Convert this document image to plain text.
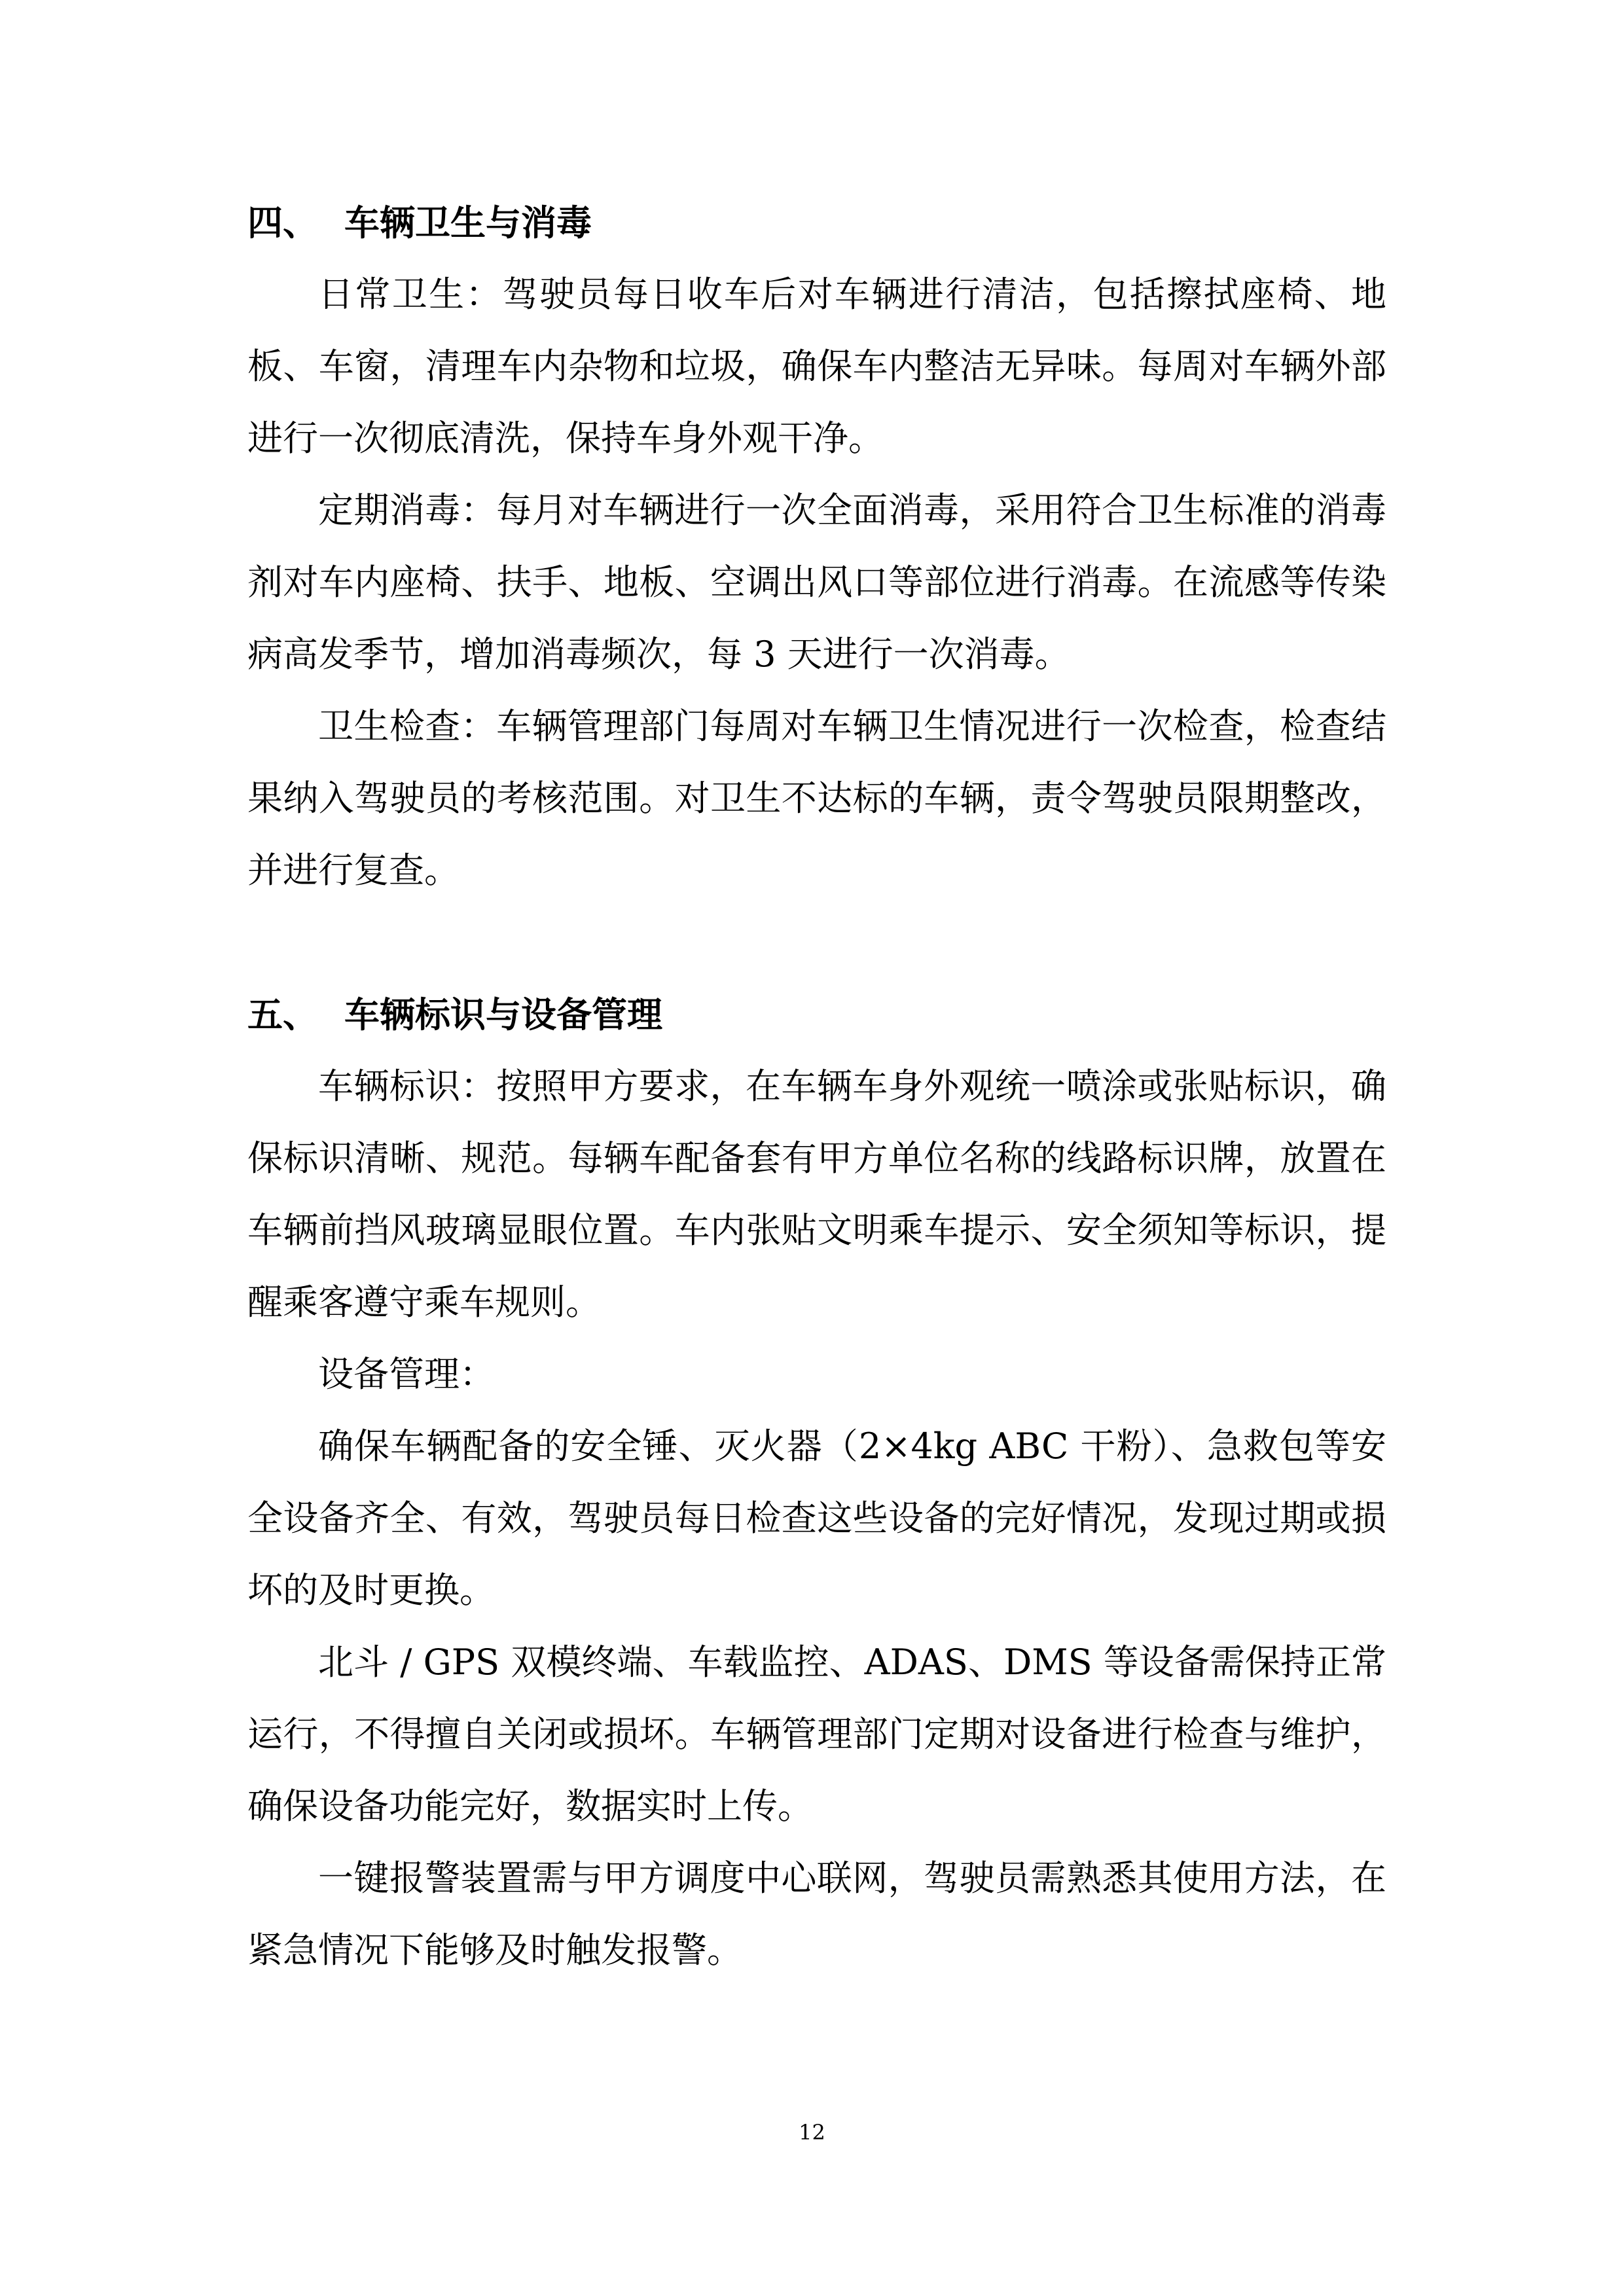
四、 车辆卫生与消毒

日常卫生：驾驶员每日收车后对车辆进行清洁，包括擦拭座椅、地板、车窗，清理车内杂物和垃圾，确保车内整洁无异味。每周对车辆外部进行一次彻底清洗，保持车身外观干净。

定期消毒：每月对车辆进行一次全面消毒，采用符合卫生标准的消毒剂对车内座椅、扶手、地板、空调出风口等部位进行消毒。在流感等传染病高发季节，增加消毒频次，每 3 天进行一次消毒。

卫生检查：车辆管理部门每周对车辆卫生情况进行一次检查，检查结果纳入驾驶员的考核范围。对卫生不达标的车辆，责令驾驶员限期整改，并进行复查。

五、 车辆标识与设备管理

车辆标识：按照甲方要求，在车辆车身外观统一喷涂或张贴标识，确保标识清晰、规范。每辆车配备套有甲方单位名称的线路标识牌，放置在车辆前挡风玻璃显眼位置。车内张贴文明乘车提示、安全须知等标识，提醒乘客遵守乘车规则。

设备管理：

确保车辆配备的安全锤、灭火器（2×4kg ABC 干粉）、急救包等安全设备齐全、有效，驾驶员每日检查这些设备的完好情况，发现过期或损坏的及时更换。

北斗 / GPS 双模终端、车载监控、ADAS、DMS 等设备需保持正常运行，不得擅自关闭或损坏。车辆管理部门定期对设备进行检查与维护，确保设备功能完好，数据实时上传。

一键报警装置需与甲方调度中心联网，驾驶员需熟悉其使用方法，在紧急情况下能够及时触发报警。

12
